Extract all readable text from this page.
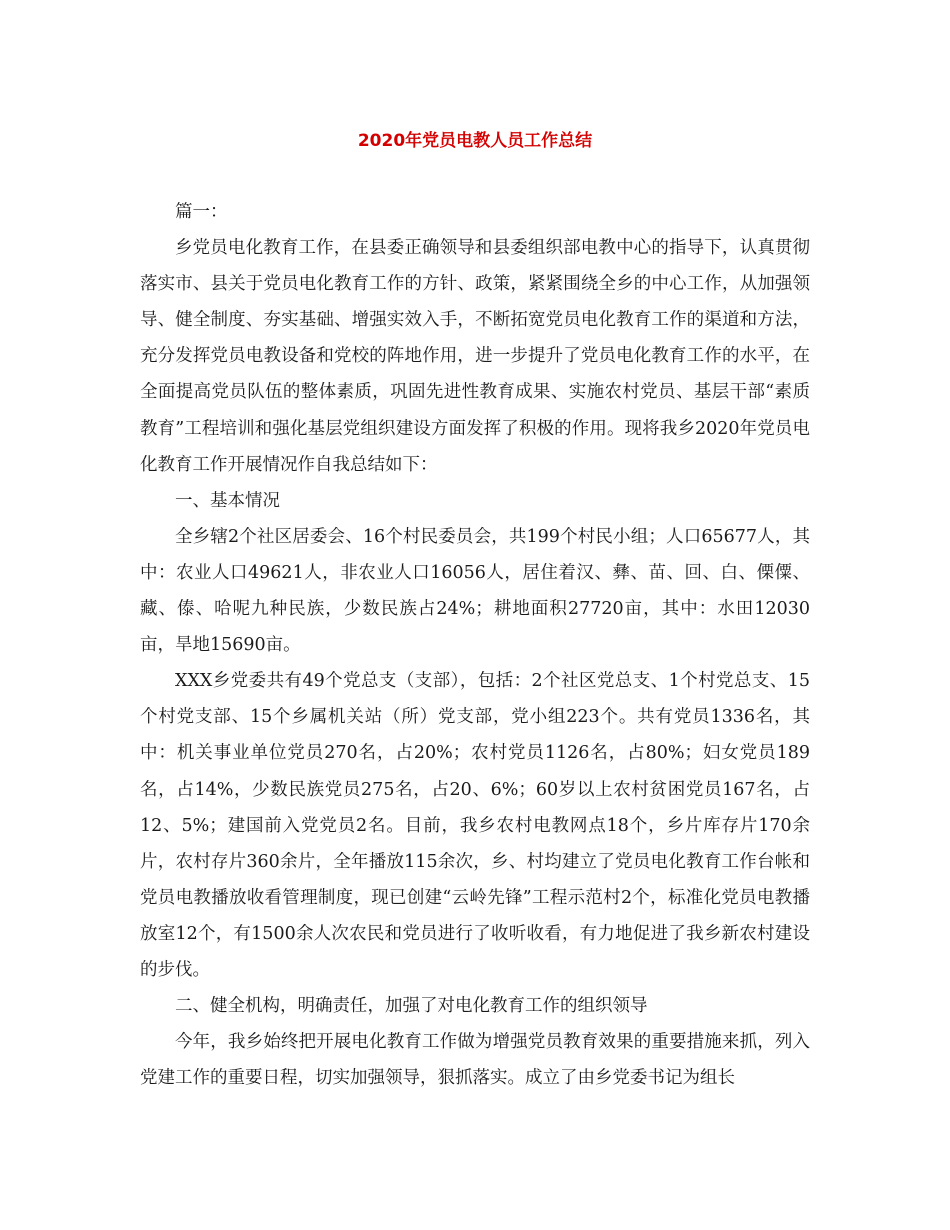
2020年党员电教人员工作总结

篇一：

乡党员电化教育工作，在县委正确领导和县委组织部电教中心的指导下，认真贯彻落实市、县关于党员电化教育工作的方针、政策，紧紧围绕全乡的中心工作，从加强领导、健全制度、夯实基础、增强实效入手，不断拓宽党员电化教育工作的渠道和方法，充分发挥党员电教设备和党校的阵地作用，进一步提升了党员电化教育工作的水平，在全面提高党员队伍的整体素质，巩固先进性教育成果、实施农村党员、基层干部“素质教育”工程培训和强化基层党组织建设方面发挥了积极的作用。现将我乡2020年党员电化教育工作开展情况作自我总结如下：

一、基本情况

全乡辖2个社区居委会、16个村民委员会，共199个村民小组；人口65677人，其中：农业人口49621人，非农业人口16056人，居住着汉、彝、苗、回、白、傈僳、藏、傣、哈呢九种民族，少数民族占24%；耕地面积27720亩，其中：水田12030亩，旱地15690亩。

XXX乡党委共有49个党总支（支部），包括：2个社区党总支、1个村党总支、15个村党支部、15个乡属机关站（所）党支部，党小组223个。共有党员1336名，其中：机关事业单位党员270名，占20%；农村党员1126名，占80%；妇女党员189名，占14%，少数民族党员275名，占20、6%；60岁以上农村贫困党员167名，占12、5%；建国前入党党员2名。目前，我乡农村电教网点18个，乡片库存片170余片，农村存片360余片，全年播放115余次，乡、村均建立了党员电化教育工作台帐和党员电教播放收看管理制度，现已创建“云岭先锋”工程示范村2个，标准化党员电教播放室12个，有1500余人次农民和党员进行了收听收看，有力地促进了我乡新农村建设的步伐。

二、健全机构，明确责任，加强了对电化教育工作的组织领导

今年，我乡始终把开展电化教育工作做为增强党员教育效果的重要措施来抓，列入党建工作的重要日程，切实加强领导，狠抓落实。成立了由乡党委书记为组长
